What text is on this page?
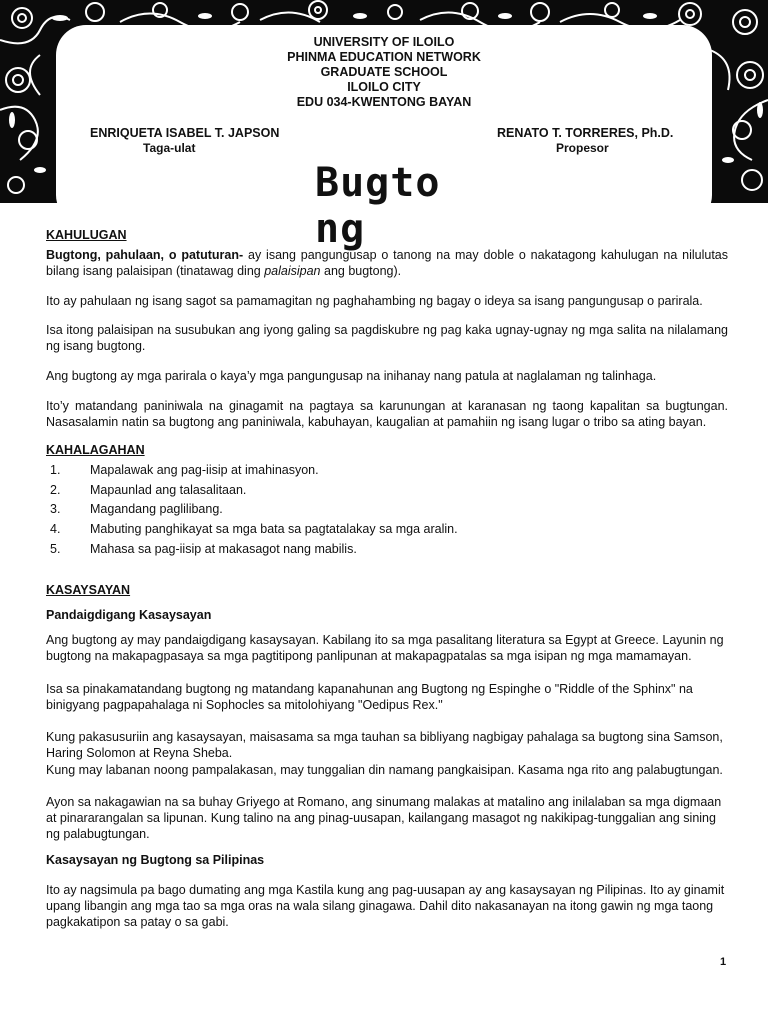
UNIVERSITY OF ILOILO
PHINMA EDUCATION NETWORK
GRADUATE SCHOOL
ILOILO CITY
EDU 034-KWENTONG BAYAN
ENRIQUETA ISABEL T. JAPSON
Taga-ulat
RENATO T. TORRERES, Ph.D.
Propesor
Bugto
ng
KAHULUGAN

Bugtong, pahulaan, o patuturan- ay isang pangungusap o tanong na may doble o nakatagong kahulugan na nilulutas bilang isang palaisipan (tinatawag ding palaisipan ang bugtong).

Ito ay pahulaan ng isang sagot sa pamamagitan ng paghahambing ng bagay o ideya sa isang pangungusap o parirala.

Isa itong palaisipan na susubukan ang iyong galing sa pagdiskubre ng pag kaka ugnay-ugnay ng mga salita na nilalamang ng isang bugtong.

Ang bugtong ay mga parirala o kaya’y mga pangungusap na inihanay nang patula at naglalaman ng talinhaga.

Ito’y matandang paniniwala na ginagamit na pagtaya sa karunungan at karanasan ng taong kapalitan sa bugtungan. Nasasalamin natin sa bugtong ang paniniwala, kabuhayan, kaugalian at pamahiin ng isang lugar o tribo sa ating bayan.

KAHALAGAHAN
1. Mapalawak ang pag-iisip at imahinasyon.
2. Mapaunlad ang talasalitaan.
3. Magandang paglilibang.
4. Mabuting panghikayat sa mga bata sa pagtatalakay sa mga aralin.
5. Mahasa sa pag-iisip at makasagot nang mabilis.
KASAYSAYAN
Pandaigdigang Kasaysayan

Ang bugtong ay may pandaigdigang kasaysayan. Kabilang ito sa mga pasalitang literatura sa Egypt at Greece. Layunin ng bugtong na makapagpasaya sa mga pagtitipong panlipunan at makapagpatalas sa mga isipan ng mga mamamayan.

Isa sa pinakamatandang bugtong ng matandang kapanahunan ang Bugtong ng Espinghe o "Riddle of the Sphinx" na binigyang pagpapahalaga ni Sophocles sa mitolohiyang "Oedipus Rex."

Kung pakasusuriin ang kasaysayan, maisasama sa mga tauhan sa bibliyang nagbigay pahalaga sa bugtong sina Samson, Haring Solomon at Reyna Sheba.

Kung may labanan noong pampalakasan, may tunggalian din namang pangkaisipan. Kasama nga rito ang palabugtungan.

Ayon sa nakagawian na sa buhay Griyego at Romano, ang sinumang malakas at matalino ang inilalaban sa mga digmaan at pinararangalan sa lipunan. Kung talino na ang pinag-uusapan, kailangang masagot ng nakikipag-tunggalian ang sining ng palabugtungan.

Kasaysayan ng Bugtong sa Pilipinas

Ito ay nagsimula pa bago dumating ang mga Kastila kung ang pag-uusapan ay ang kasaysayan ng Pilipinas. Ito ay ginamit upang libangin ang mga tao sa mga oras na wala silang ginagawa. Dahil dito nakasanayan na itong gawin ng mga taong pagkakatipon sa patay o sa gabi.

1
